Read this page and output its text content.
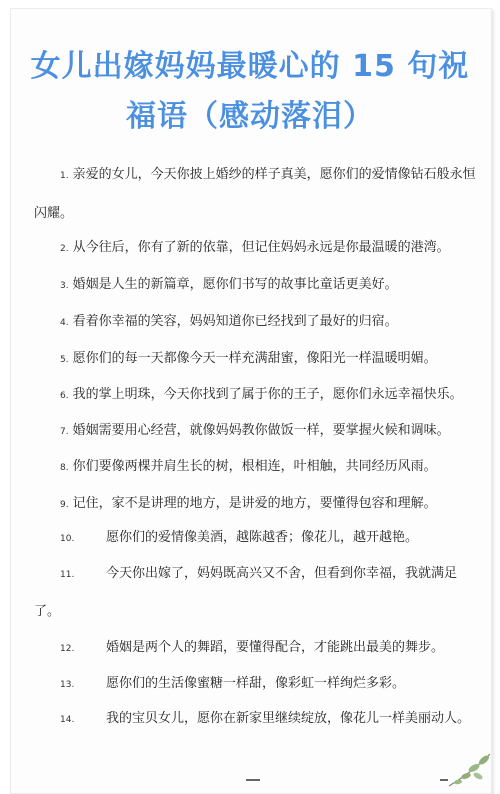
女儿出嫁妈妈最暖心的 15 句祝
福语（感动落泪）
1. 亲爱的女儿，今天你披上婚纱的样子真美，愿你们的爱情像钻石般永恒
闪耀。
2. 从今往后，你有了新的依靠，但记住妈妈永远是你最温暖的港湾。
3. 婚姻是人生的新篇章，愿你们书写的故事比童话更美好。
4. 看着你幸福的笑容，妈妈知道你已经找到了最好的归宿。
5. 愿你们的每一天都像今天一样充满甜蜜，像阳光一样温暖明媚。
6. 我的掌上明珠，今天你找到了属于你的王子，愿你们永远幸福快乐。
7. 婚姻需要用心经营，就像妈妈教你做饭一样，要掌握火候和调味。
8. 你们要像两棵并肩生长的树，根相连，叶相触，共同经历风雨。
9. 记住，家不是讲理的地方，是讲爱的地方，要懂得包容和理解。
10. 愿你们的爱情像美酒，越陈越香；像花儿，越开越艳。
11. 今天你出嫁了，妈妈既高兴又不舍，但看到你幸福，我就满足
了。
12. 婚姻是两个人的舞蹈，要懂得配合，才能跳出最美的舞步。
13. 愿你们的生活像蜜糖一样甜，像彩虹一样绚烂多彩。
14. 我的宝贝女儿，愿你在新家里继续绽放，像花儿一样美丽动人。
